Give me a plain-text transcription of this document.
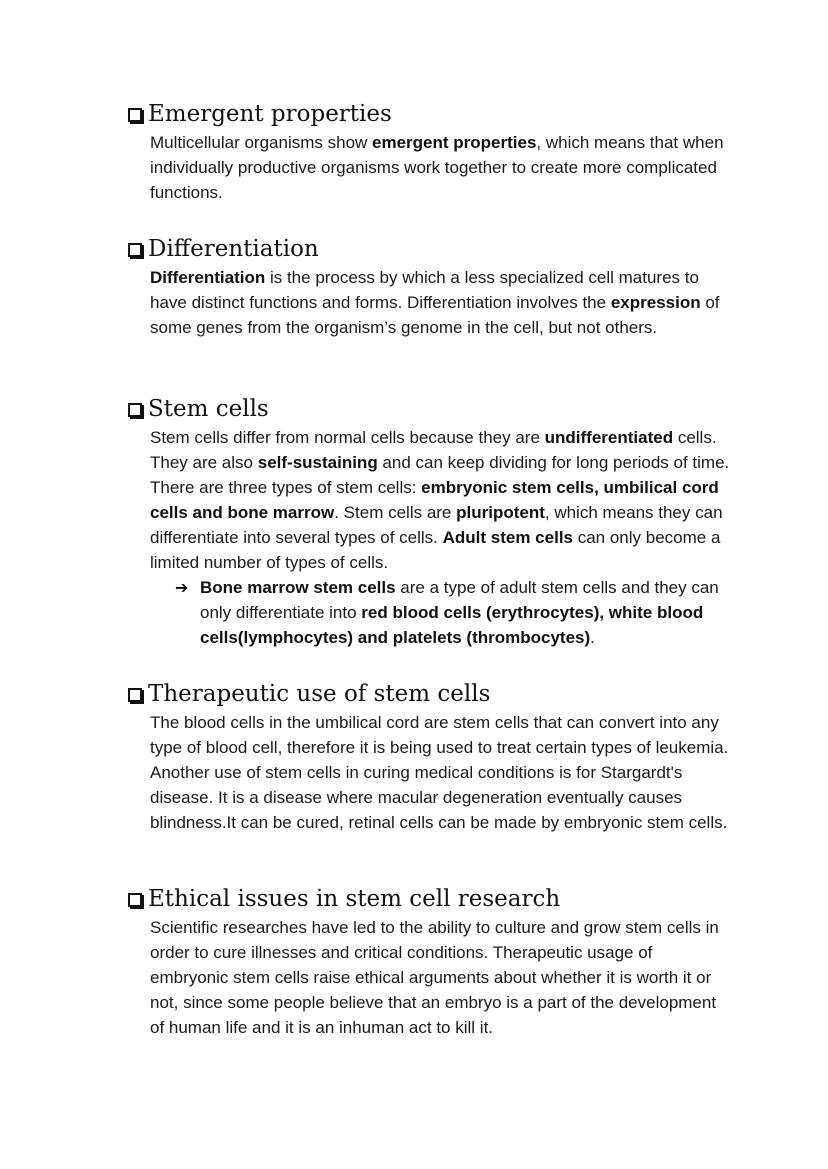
Emergent properties
Multicellular organisms show emergent properties, which means that when individually productive organisms work together to create more complicated functions.
Differentiation
Differentiation is the process by which a less specialized cell matures to have distinct functions and forms. Differentiation involves the expression of some genes from the organism’s genome in the cell, but not others.
Stem cells
Stem cells differ from normal cells because they are undifferentiated cells. They are also self-sustaining and can keep dividing for long periods of time. There are three types of stem cells: embryonic stem cells, umbilical cord cells and bone marrow. Stem cells are pluripotent, which means they can differentiate into several types of cells. Adult stem cells can only become a limited number of types of cells.
➔ Bone marrow stem cells are a type of adult stem cells and they can only differentiate into red blood cells (erythrocytes), white blood cells(lymphocytes) and platelets (thrombocytes).
Therapeutic use of stem cells
The blood cells in the umbilical cord are stem cells that can convert into any type of blood cell, therefore it is being used to treat certain types of leukemia. Another use of stem cells in curing medical conditions is for Stargardt's disease. It is a disease where macular degeneration eventually causes blindness.It can be cured, retinal cells can be made by embryonic stem cells.
Ethical issues in stem cell research
Scientific researches have led to the ability to culture and grow stem cells in order to cure illnesses and critical conditions. Therapeutic usage of embryonic stem cells raise ethical arguments about whether it is worth it or not, since some people believe that an embryo is a part of the development of human life and it is an inhuman act to kill it.
